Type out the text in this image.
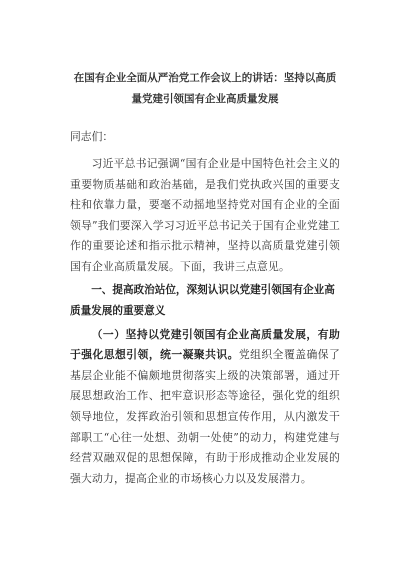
在国有企业全面从严治党工作会议上的讲话：坚持以高质
量党建引领国有企业高质量发展

同志们：

习近平总书记强调“国有企业是中国特色社会主义的重要物质基础和政治基础，是我们党执政兴国的重要支柱和依靠力量，要毫不动摇地坚持党对国有企业的全面领导”我们要深入学习习近平总书记关于国有企业党建工作的重要论述和指示批示精神，坚持以高质量党建引领国有企业高质量发展。下面，我讲三点意见。

一、提高政治站位，深刻认识以党建引领国有企业高质量发展的重要意义

（一）坚持以党建引领国有企业高质量发展，有助于强化思想引领，统一凝聚共识。党组织全覆盖确保了基层企业能不偏颇地贯彻落实上级的决策部署，通过开展思想政治工作、把牢意识形态等途径，强化党的组织领导地位，发挥政治引领和思想宣传作用，从内激发干部职工“心往一处想、劲朝一处使”的动力，构建党建与经营双融双促的思想保障，有助于形成推动企业发展的强大动力，提高企业的市场核心力以及发展潜力。
